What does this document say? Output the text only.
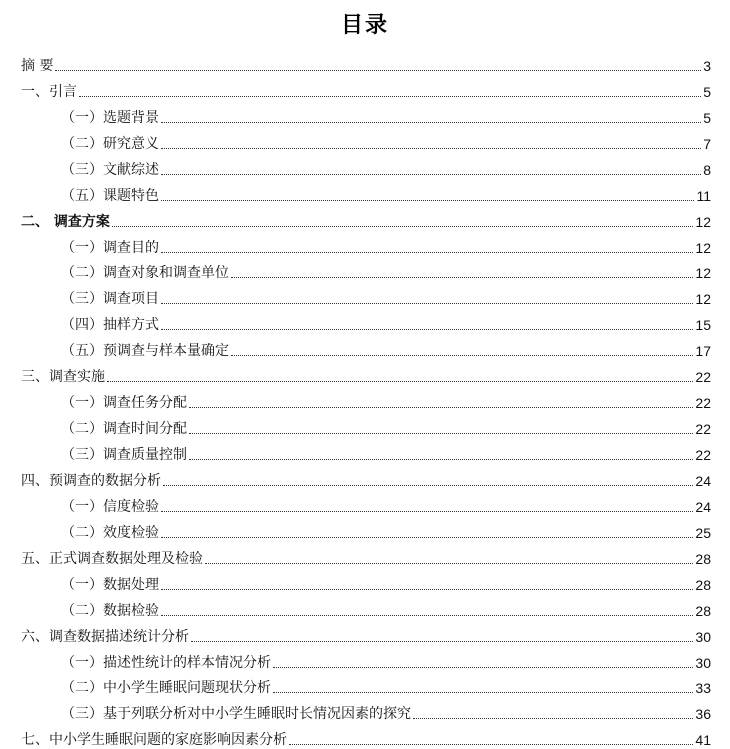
目录
摘 要	3
一、引言	5
（一）选题背景	5
（二）研究意义	7
（三）文献综述	8
（五）课题特色	11
二、 调查方案	12
（一）调查目的	12
（二）调查对象和调查单位	12
（三）调查项目	12
（四）抽样方式	15
（五）预调查与样本量确定	17
三、调查实施	22
（一）调查任务分配	22
（二）调查时间分配	22
（三）调查质量控制	22
四、预调查的数据分析	24
（一）信度检验	24
（二）效度检验	25
五、正式调查数据处理及检验	28
（一）数据处理	28
（二）数据检验	28
六、调查数据描述统计分析	30
（一）描述性统计的样本情况分析	30
（二）中小学生睡眠问题现状分析	33
（三）基于列联分析对中小学生睡眠时长情况因素的探究	36
七、中小学生睡眠问题的家庭影响因素分析	41
